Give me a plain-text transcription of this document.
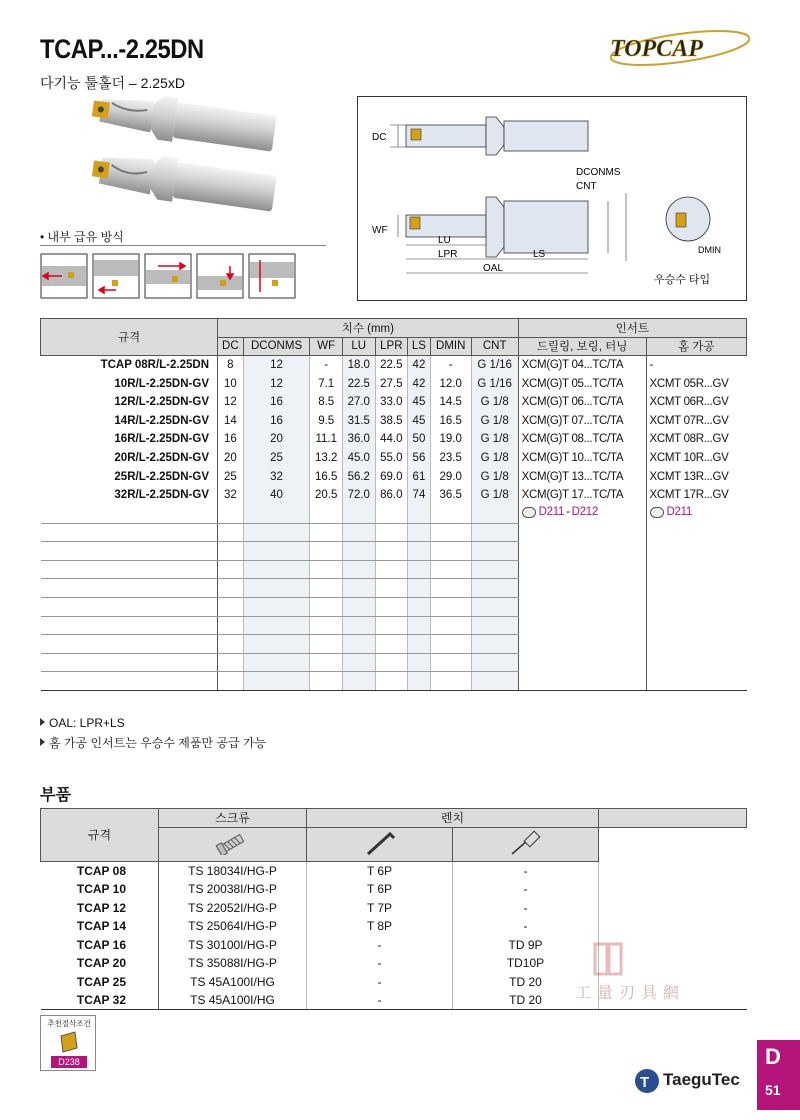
TCAP...-2.25DN
다기능 툴홀더 – 2.25xD
TOPCAP
• 내부 급유 방식
DC
WF
DCONMS
CNT
LU
LPR	LS
OAL
DMIN
우승수 타입
규격	치수 (mm)								인서트	
	DC	DCONMS	WF	LU	LPR	LS	DMIN	CNT	드릴링, 보링, 터닝	홈 가공
TCAP 08R/L-2.25DN	8	12	-	18.0	22.5	42	-	G 1/16	XCM(G)T 04...TC/TA	-
10R/L-2.25DN-GV	10	12	7.1	22.5	27.5	42	12.0	G 1/16	XCM(G)T 05...TC/TA	XCMT 05R...GV
12R/L-2.25DN-GV	12	16	8.5	27.0	33.0	45	14.5	G 1/8	XCM(G)T 06...TC/TA	XCMT 06R...GV
14R/L-2.25DN-GV	14	16	9.5	31.5	38.5	45	16.5	G 1/8	XCM(G)T 07...TC/TA	XCMT 07R...GV
16R/L-2.25DN-GV	16	20	11.1	36.0	44.0	50	19.0	G 1/8	XCM(G)T 08...TC/TA	XCMT 08R...GV
20R/L-2.25DN-GV	20	25	13.2	45.0	55.0	56	23.5	G 1/8	XCM(G)T 10...TC/TA	XCMT 10R...GV
25R/L-2.25DN-GV	25	32	16.5	56.2	69.0	61	29.0	G 1/8	XCM(G)T 13...TC/TA	XCMT 13R...GV
32R/L-2.25DN-GV	32	40	20.5	72.0	86.0	74	36.5	G 1/8	XCM(G)T 17...TC/TA	XCMT 17R...GV

									D211 - D212	D211

OAL: LPR+LS
홈 가공 인서트는 우승수 제품만 공급 가능
부품
규격	스크류	렌치		

TCAP 08	TS 18034I/HG-P	T 6P	-	
TCAP 10	TS 20038I/HG-P	T 6P	-	
TCAP 12	TS 22052I/HG-P	T 7P	-	
TCAP 14	TS 25064I/HG-P	T 8P	-	
TCAP 16	TS 30100I/HG-P	-	TD 9P	
TCAP 20	TS 35088I/HG-P	-	TD10P	
TCAP 25	TS 45A100I/HG	-	TD 20	
TCAP 32	TS 45A100I/HG	-	TD 20	
추천절삭조건
D238
工量刃具網
T TaeguTec
D
51
